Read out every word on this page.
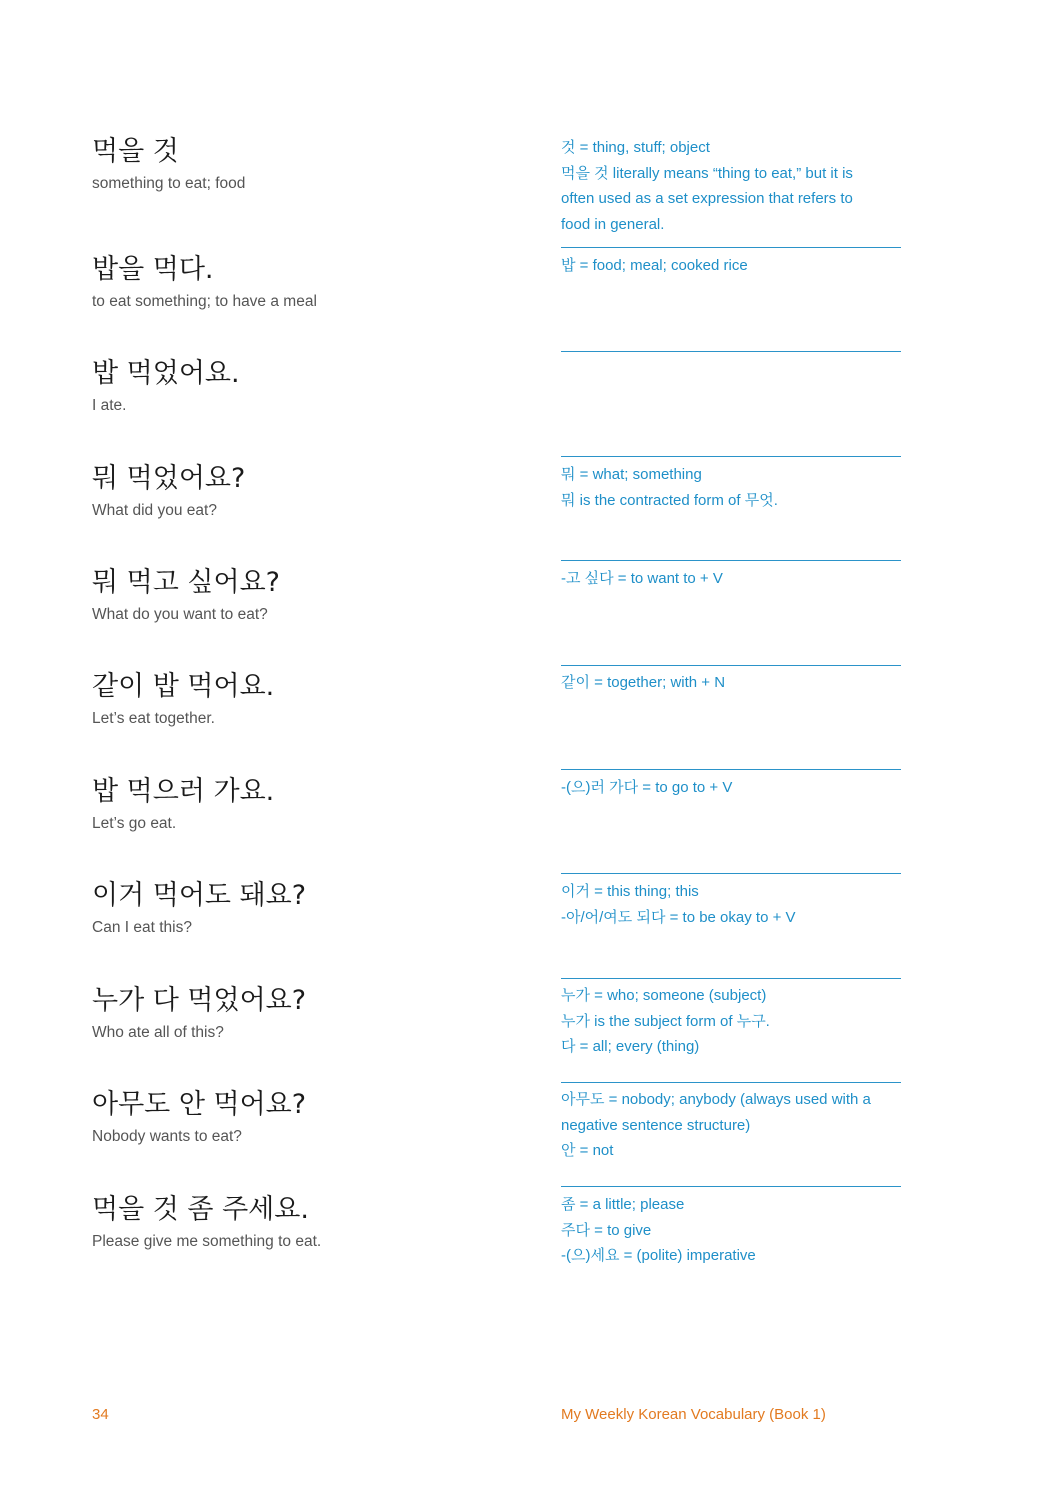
먹을 것
something to eat; food
밥을 먹다.
to eat something; to have a meal
밥 먹었어요.
I ate.
뭐 먹었어요?
What did you eat?
뭐 먹고 싶어요?
What do you want to eat?
같이 밥 먹어요.
Let’s eat together.
밥 먹으러 가요.
Let’s go eat.
이거 먹어도 돼요?
Can I eat this?
누가 다 먹었어요?
Who ate all of this?
아무도 안 먹어요?
Nobody wants to eat?
먹을 것 좀 주세요.
Please give me something to eat.
것 = thing, stuff; object
먹을 것 literally means “thing to eat,” but it is
often used as a set expression that refers to
food in general.
밥 = food; meal; cooked rice
뭐 = what; something
뭐 is the contracted form of 무엇.
-고 싶다 = to want to + V
같이 = together; with + N
-(으)러 가다 = to go to + V
이거 = this thing; this
-아/어/여도 되다 = to be okay to + V
누가 = who; someone (subject)
누가 is the subject form of 누구.
다 = all; every (thing)
아무도 = nobody; anybody (always used with a
negative sentence structure)
안 = not
좀 = a little; please
주다 = to give
-(으)세요 = (polite) imperative
34	My Weekly Korean Vocabulary (Book 1)
